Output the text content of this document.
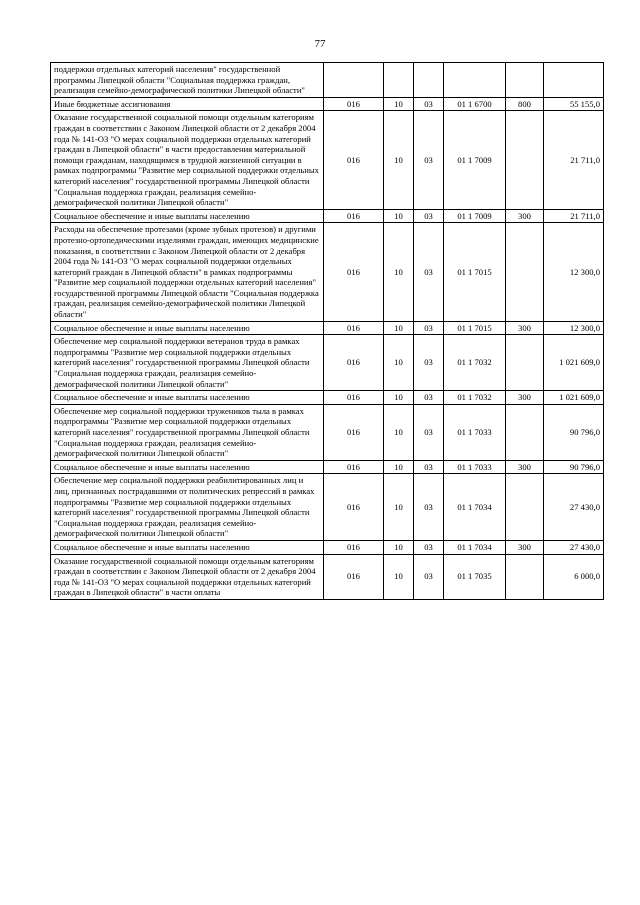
77
поддержки отдельных категорий населения" государственной программы Липецкой области "Социальная поддержка граждан, реализация семейно-демографической политики Липецкой области"						
Иные бюджетные ассигнования	016	10	03	01 1 6700	800	55 155,0
Оказание государственной социальной помощи отдельным категориям граждан в соответствии с Законом Липецкой области от 2 декабря 2004 года № 141-ОЗ "О мерах социальной поддержки отдельных категорий граждан в Липецкой области" в части предоставления материальной помощи гражданам, находящимся в трудной жизненной ситуации в рамках подпрограммы "Развитие мер социальной поддержки отдельных категорий населения" государственной программы Липецкой области "Социальная поддержка граждан, реализация семейно-демографической политики Липецкой области"	016	10	03	01 1 7009		21 711,0
Социальное обеспечение и иные выплаты населению	016	10	03	01 1 7009	300	21 711,0
Расходы на обеспечение протезами (кроме зубных протезов) и другими протезно-ортопедическими изделиями граждан, имеющих медицинские показания, в соответствии с Законом Липецкой области от 2 декабря 2004 года № 141-ОЗ "О мерах социальной поддержки отдельных категорий граждан в Липецкой области" в рамках подпрограммы "Развитие мер социальной поддержки отдельных категорий населения" государственной программы Липецкой области "Социальная поддержка граждан, реализация семейно-демографической политики Липецкой области"	016	10	03	01 1 7015		12 300,0
Социальное обеспечение и иные выплаты населению	016	10	03	01 1 7015	300	12 300,0
Обеспечение мер социальной поддержки ветеранов труда в рамках подпрограммы "Развитие мер социальной поддержки отдельных категорий населения" государственной программы Липецкой области "Социальная поддержка граждан, реализация семейно-демографической политики Липецкой области"	016	10	03	01 1 7032		1 021 609,0
Социальное обеспечение и иные выплаты населению	016	10	03	01 1 7032	300	1 021 609,0
Обеспечение мер социальной поддержки тружеников тыла в рамках подпрограммы "Развитие мер социальной поддержки отдельных категорий населения" государственной программы Липецкой области "Социальная поддержка граждан, реализация семейно-демографической политики Липецкой области"	016	10	03	01 1 7033		90 796,0
Социальное обеспечение и иные выплаты населению	016	10	03	01 1 7033	300	90 796,0
Обеспечение мер социальной поддержки реабилитированных лиц и лиц, признанных пострадавшими от политических репрессий в рамках подпрограммы "Развитие мер социальной поддержки отдельных категорий населения" государственной программы Липецкой области "Социальная поддержка граждан, реализация семейно-демографической политики Липецкой области"	016	10	03	01 1 7034		27 430,0
Социальное обеспечение и иные выплаты населению	016	10	03	01 1 7034	300	27 430,0
Оказание государственной социальной помощи отдельным категориям граждан в соответствии с Законом Липецкой области от 2 декабря 2004 года № 141-ОЗ "О мерах социальной поддержки отдельных категорий граждан в Липецкой области" в части оплаты	016	10	03	01 1 7035		6 000,0
